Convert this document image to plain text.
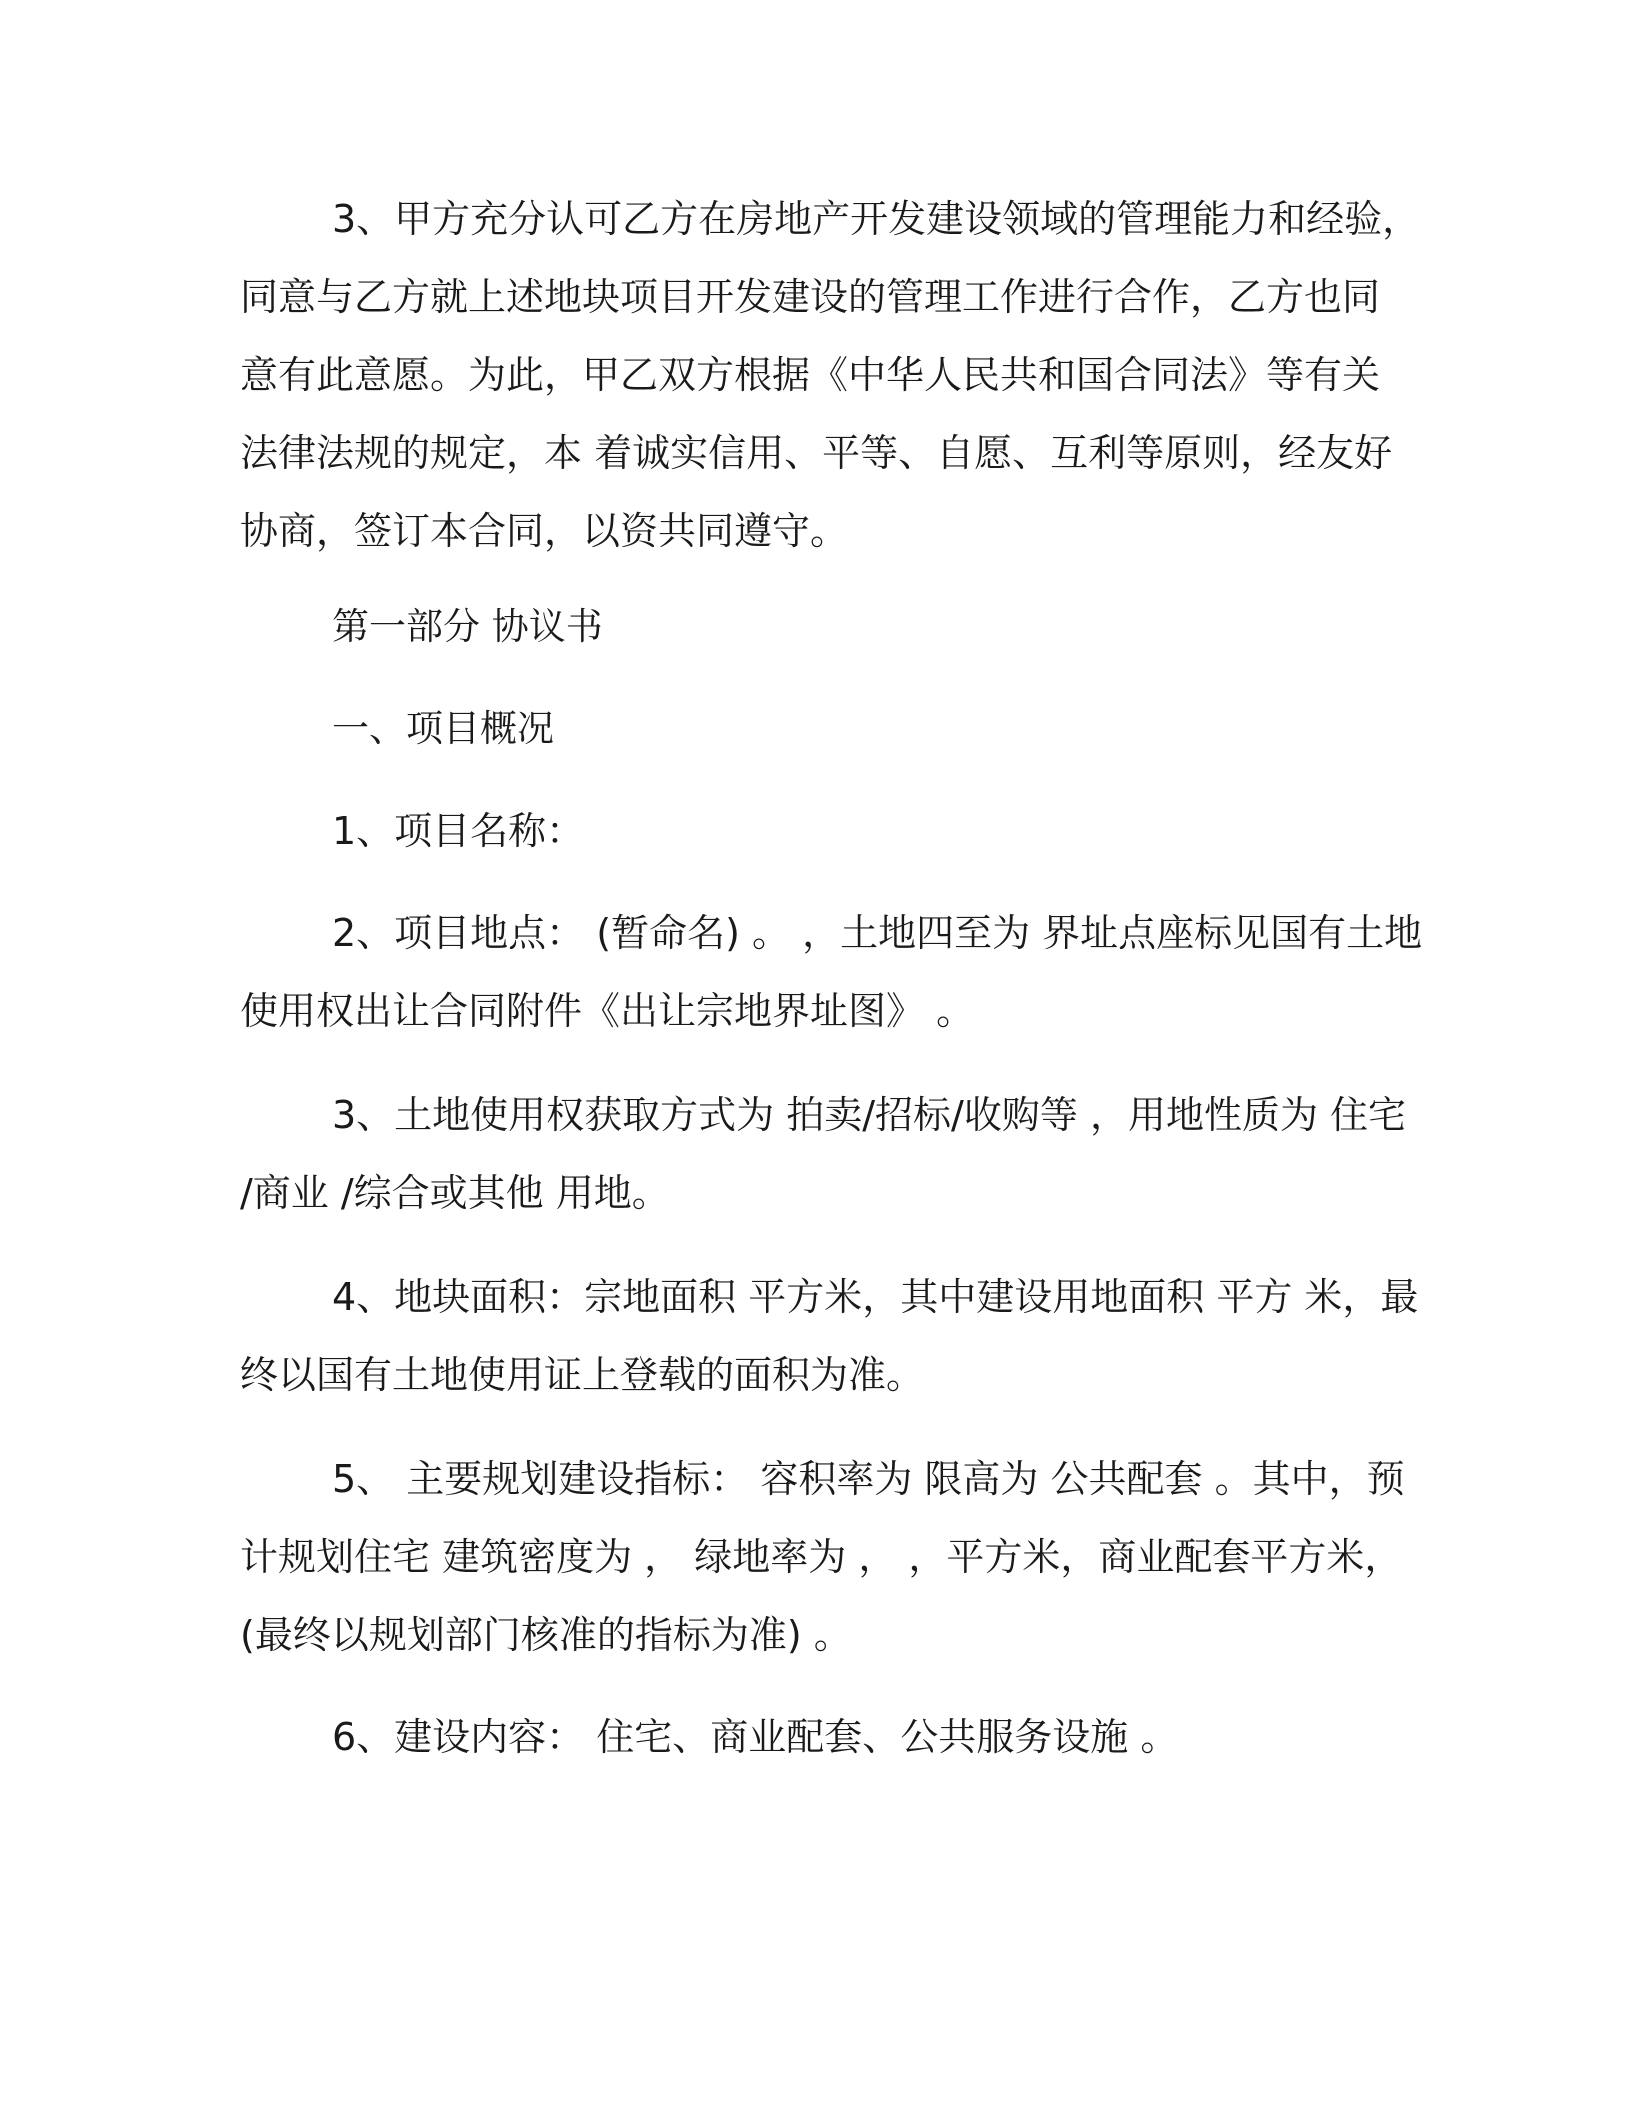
3、甲方充分认可乙方在房地产开发建设领域的管理能力和经验，
同意与乙方就上述地块项目开发建设的管理工作进行合作，乙方也同
意有此意愿。为此，甲乙双方根据《中华人民共和国合同法》等有关
法律法规的规定，本 着诚实信用、平等、自愿、互利等原则，经友好
协商，签订本合同，以资共同遵守。
第一部分 协议书
一、项目概况
1、项目名称：
2、项目地点： (暂命名) 。 ，土地四至为 界址点座标见国有土地
使用权出让合同附件《出让宗地界址图》 。
3、土地使用权获取方式为 拍卖/招标/收购等 ，用地性质为 住宅
/商业 /综合或其他 用地。
4、地块面积：宗地面积 平方米，其中建设用地面积 平方 米，最
终以国有土地使用证上登载的面积为准。
5、 主要规划建设指标： 容积率为 限高为 公共配套 。其中，预
计规划住宅 建筑密度为 ， 绿地率为 ， ，平方米，商业配套平方米，
(最终以规划部门核准的指标为准) 。
6、建设内容： 住宅、商业配套、公共服务设施 。
